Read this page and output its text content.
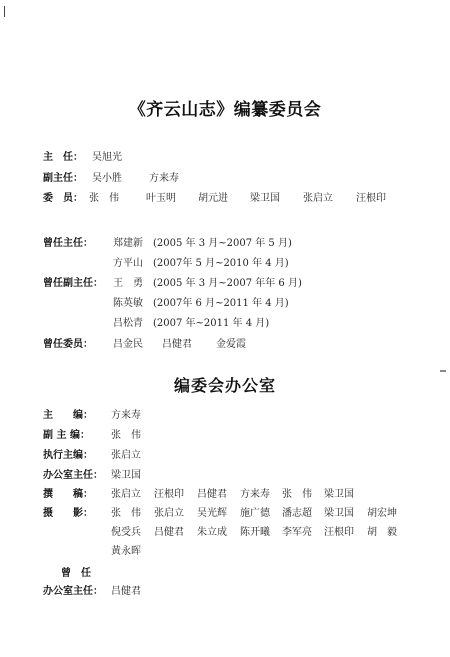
《齐云山志》编纂委员会
主　任： 吴旭光
副主任： 吴小胜	方来寿
委　员： 张　伟	叶玉明 胡元进 梁卫国 张启立 汪根印
曾任主任： 郑建新 (2005 年 3 月~2007 年 5 月)
方平山 (2007年 5 月~2010 年 4 月)
曾任副主任： 王　勇 (2005 年 3 月~2007 年年 6 月)
陈英敏 (2007年 6 月~2011 年 4 月)
吕松青 (2007 年~2011 年 4 月)
曾任委员： 吕金民 吕健君 金爱霞
编委会办公室
主　　编： 方来寿
副 主 编： 张　伟
执行主编： 张启立
办公室主任： 梁卫国
撰　　稿： 张启立 汪根印 吕健君 方来寿 张　伟 梁卫国
摄　　影： 张　伟 张启立 吴光辉 施广德 潘志超 梁卫国 胡宏坤
倪受兵 吕健君 朱立成 陈开曦 李军亮 汪根印 胡　毅
黄永晖
曾　任
办公室主任： 吕健君
